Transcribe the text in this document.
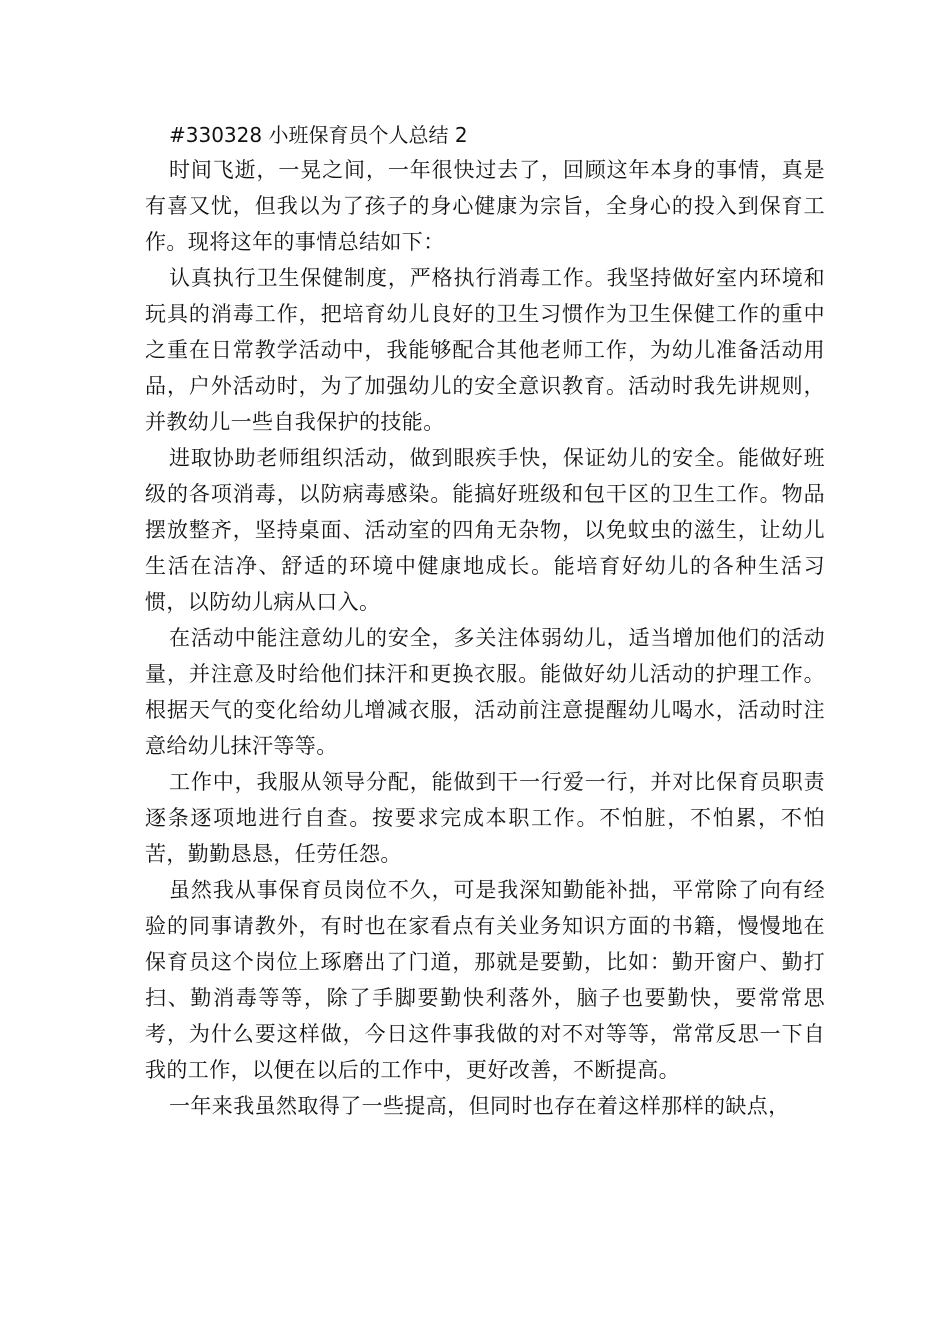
#330328 小班保育员个人总结 2

时间飞逝，一晃之间，一年很快过去了，回顾这年本身的事情，真是有喜又忧，但我以为了孩子的身心健康为宗旨，全身心的投入到保育工作。现将这年的事情总结如下：

认真执行卫生保健制度，严格执行消毒工作。我坚持做好室内环境和玩具的消毒工作，把培育幼儿良好的卫生习惯作为卫生保健工作的重中之重在日常教学活动中，我能够配合其他老师工作，为幼儿准备活动用品，户外活动时，为了加强幼儿的安全意识教育。活动时我先讲规则，并教幼儿一些自我保护的技能。

进取协助老师组织活动，做到眼疾手快，保证幼儿的安全。能做好班级的各项消毒，以防病毒感染。能搞好班级和包干区的卫生工作。物品摆放整齐，坚持桌面、活动室的四角无杂物，以免蚊虫的滋生，让幼儿生活在洁净、舒适的环境中健康地成长。能培育好幼儿的各种生活习惯，以防幼儿病从口入。

在活动中能注意幼儿的安全，多关注体弱幼儿，适当增加他们的活动量，并注意及时给他们抹汗和更换衣服。能做好幼儿活动的护理工作。根据天气的变化给幼儿增减衣服，活动前注意提醒幼儿喝水，活动时注意给幼儿抹汗等等。

工作中，我服从领导分配，能做到干一行爱一行，并对比保育员职责逐条逐项地进行自查。按要求完成本职工作。不怕脏，不怕累，不怕苦，勤勤恳恳，任劳任怨。

虽然我从事保育员岗位不久，可是我深知勤能补拙，平常除了向有经验的同事请教外，有时也在家看点有关业务知识方面的书籍，慢慢地在保育员这个岗位上琢磨出了门道，那就是要勤，比如：勤开窗户、勤打扫、勤消毒等等，除了手脚要勤快利落外，脑子也要勤快，要常常思考，为什么要这样做，今日这件事我做的对不对等等，常常反思一下自我的工作，以便在以后的工作中，更好改善，不断提高。

一年来我虽然取得了一些提高，但同时也存在着这样那样的缺点，
